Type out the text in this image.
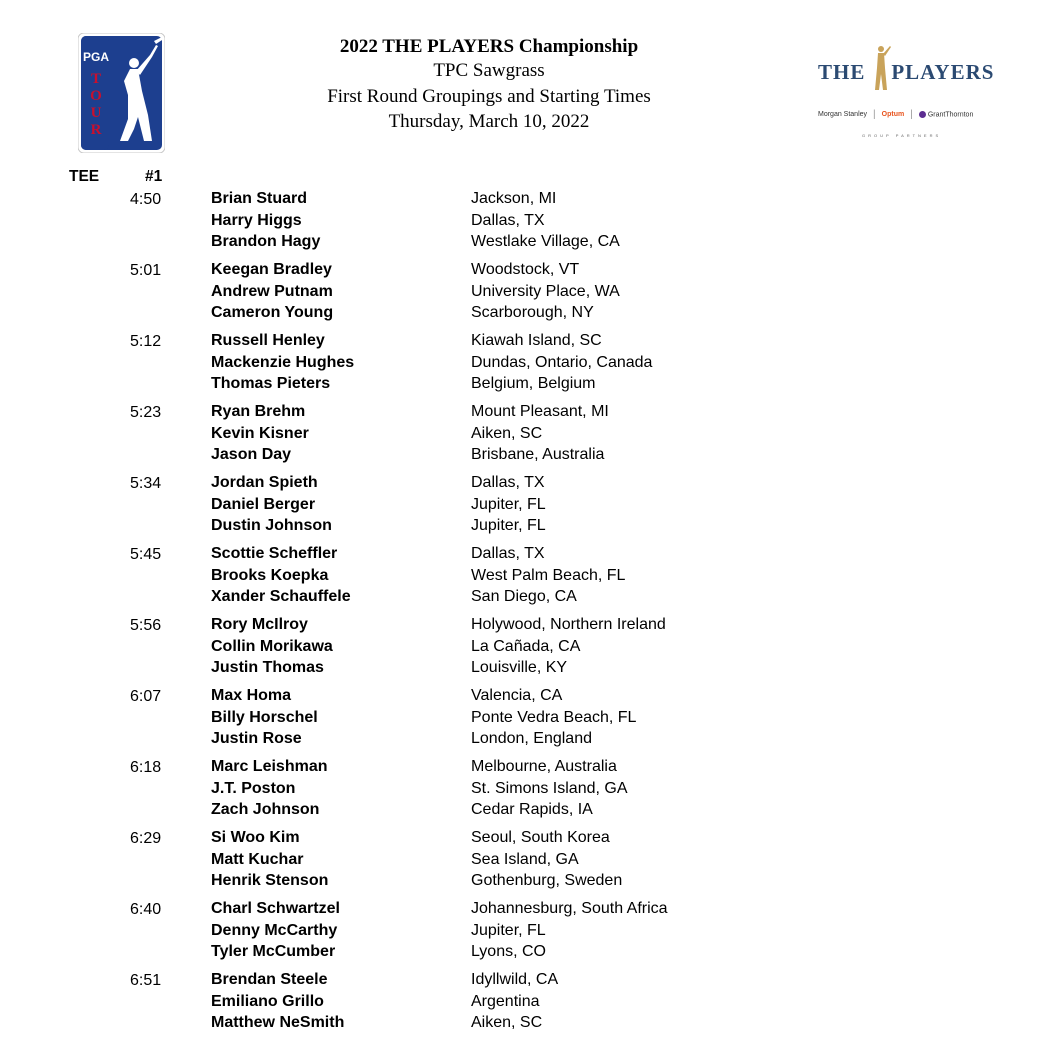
PGA
T
O
U
R
2022 THE PLAYERS Championship
TPC Sawgrass
First Round Groupings and Starting Times
Thursday, March 10, 2022
THE PLAYERS
Morgan Stanley | Optum |	GrantThornton
GROUP PARTNERS
TEE	#1
4:50	Brian Stuard	Jackson, MI
Harry Higgs	Dallas, TX
Brandon Hagy	Westlake Village, CA
5:01	Keegan Bradley	Woodstock, VT
Andrew Putnam	University Place, WA
Cameron Young	Scarborough, NY
5:12	Russell Henley	Kiawah Island, SC
Mackenzie Hughes	Dundas, Ontario, Canada
Thomas Pieters	Belgium, Belgium
5:23	Ryan Brehm	Mount Pleasant, MI
Kevin Kisner	Aiken, SC
Jason Day	Brisbane, Australia
5:34	Jordan Spieth	Dallas, TX
Daniel Berger	Jupiter, FL
Dustin Johnson	Jupiter, FL
5:45	Scottie Scheffler	Dallas, TX
Brooks Koepka	West Palm Beach, FL
Xander Schauffele	San Diego, CA
5:56	Rory McIlroy	Holywood, Northern Ireland
Collin Morikawa	La Cañada, CA
Justin Thomas	Louisville, KY
6:07	Max Homa	Valencia, CA
Billy Horschel	Ponte Vedra Beach, FL
Justin Rose	London, England
6:18	Marc Leishman	Melbourne, Australia
J.T. Poston	St. Simons Island, GA
Zach Johnson	Cedar Rapids, IA
6:29	Si Woo Kim	Seoul, South Korea
Matt Kuchar	Sea Island, GA
Henrik Stenson	Gothenburg, Sweden
6:40	Charl Schwartzel	Johannesburg, South Africa
Denny McCarthy	Jupiter, FL
Tyler McCumber	Lyons, CO
6:51	Brendan Steele	Idyllwild, CA
Emiliano Grillo	Argentina
Matthew NeSmith	Aiken, SC
